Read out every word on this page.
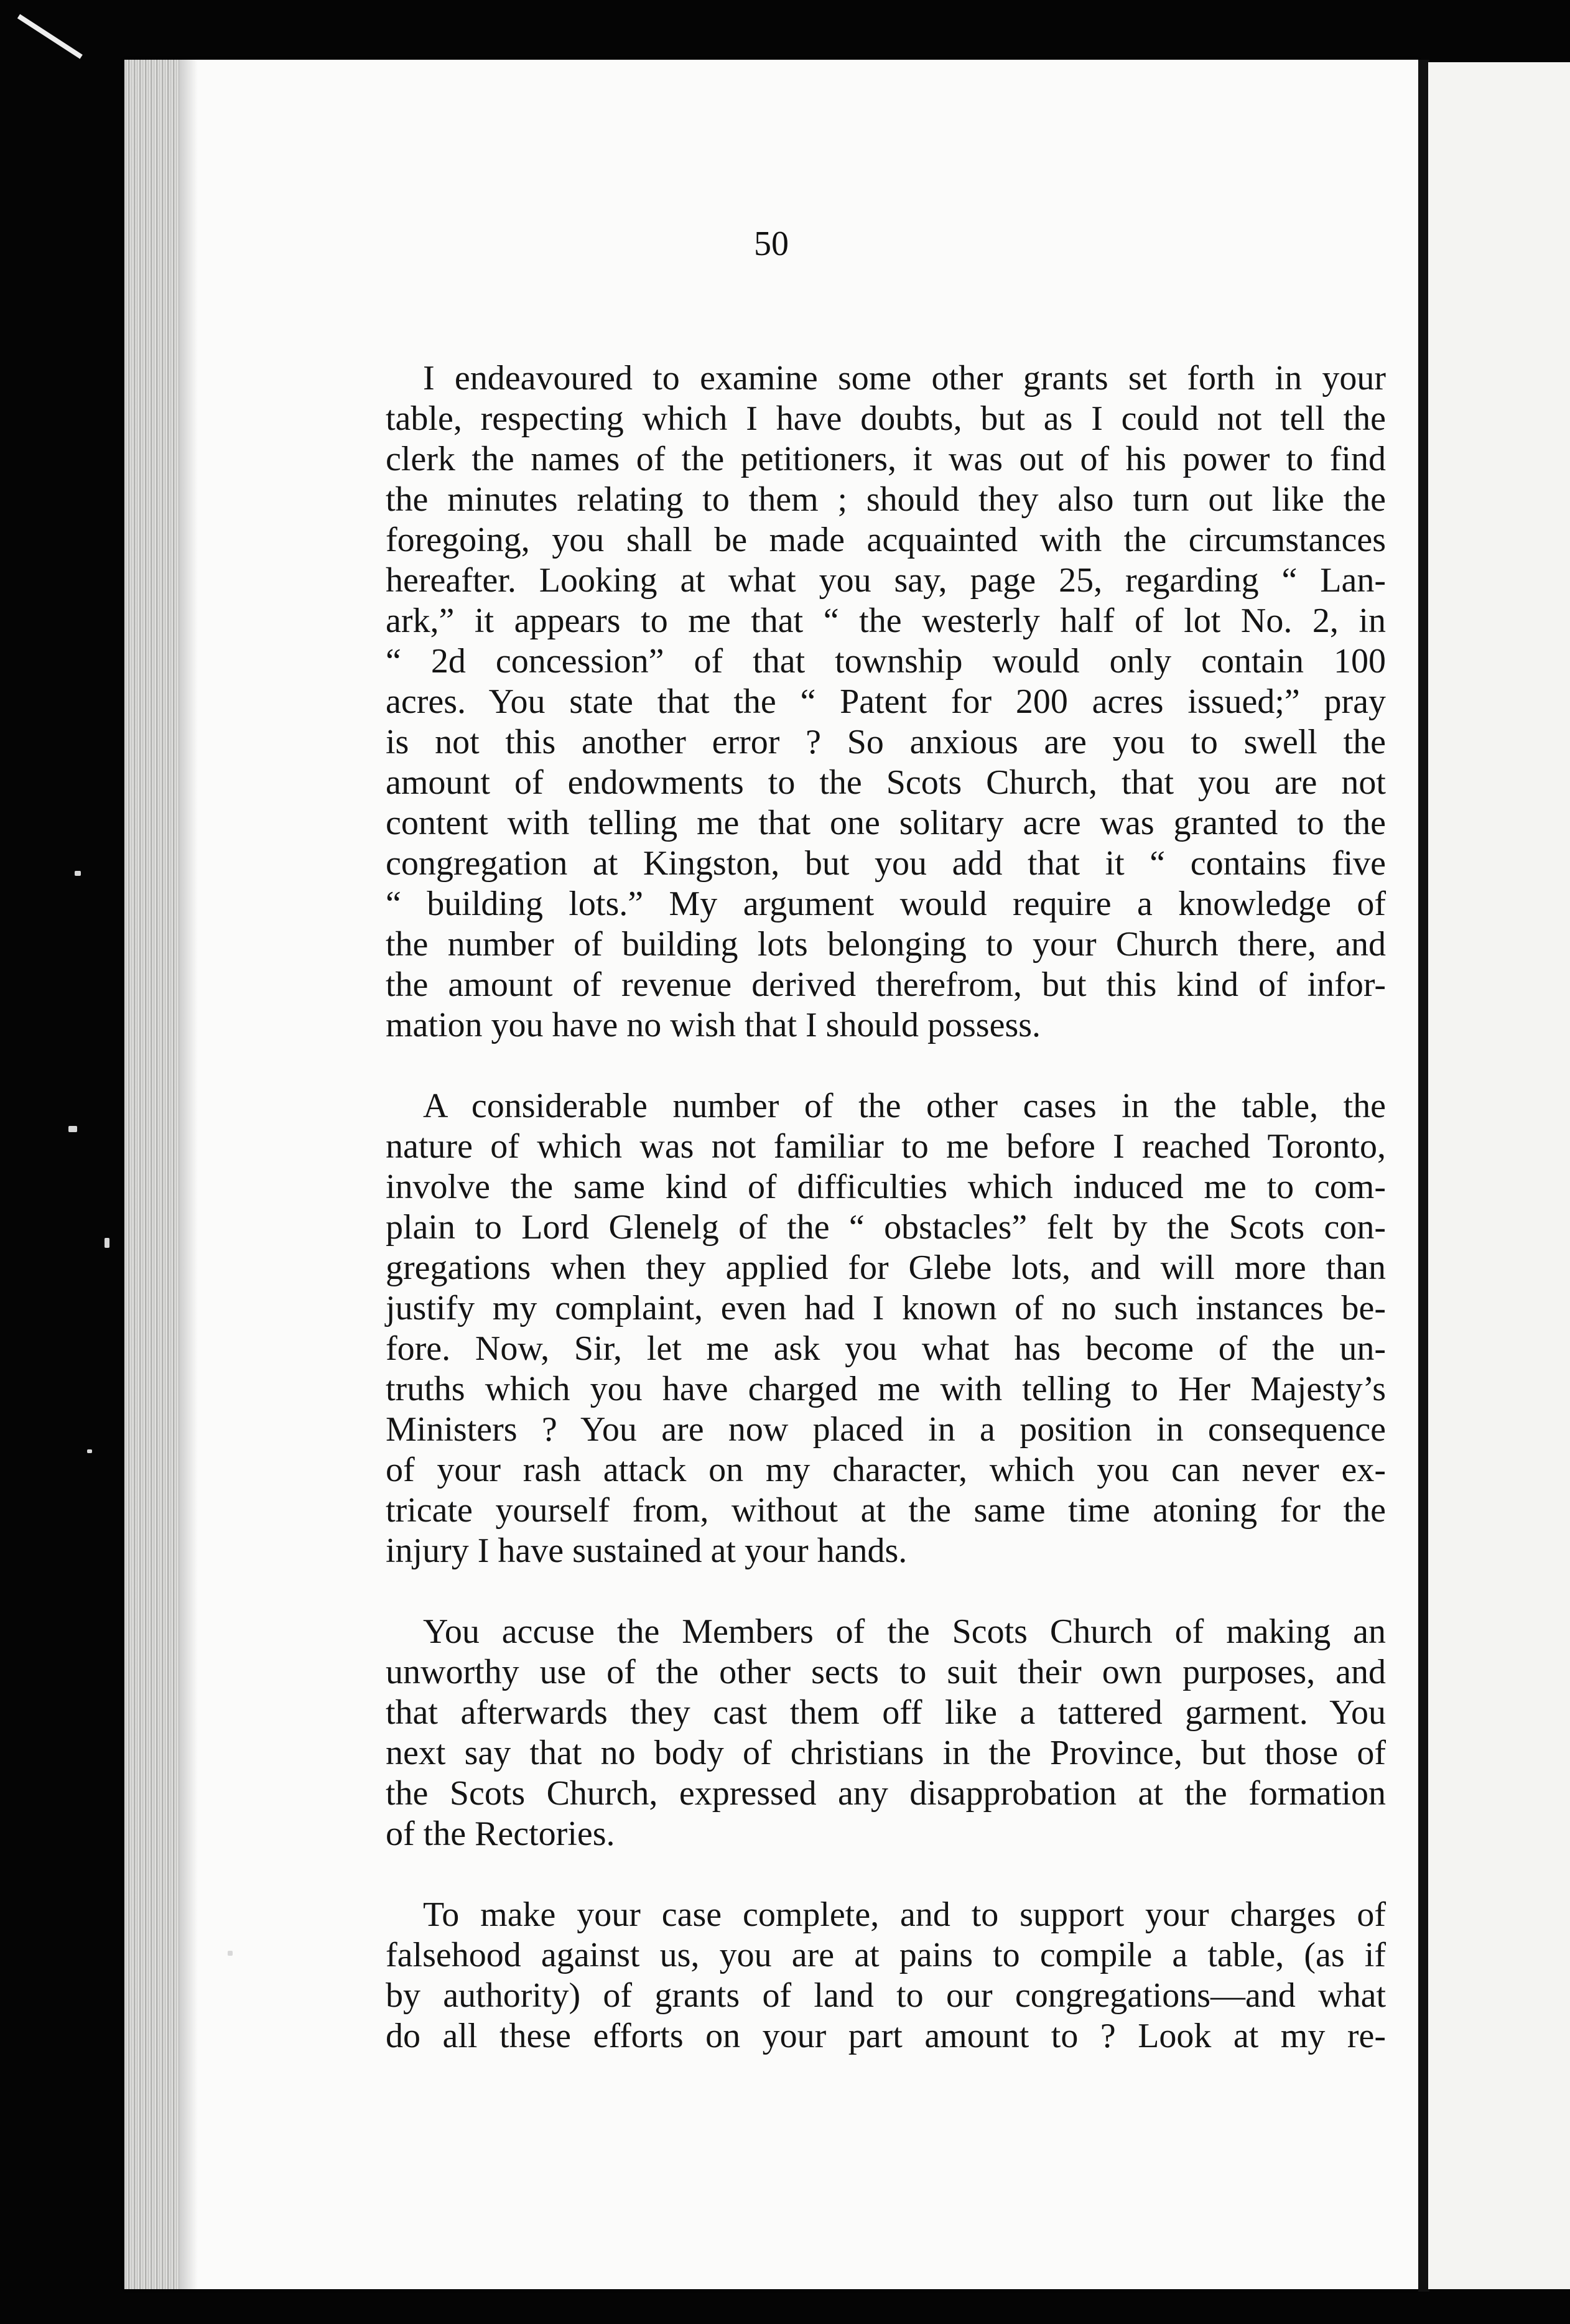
50
I endeavoured to examine some other grants set forth in your
table, respecting which I have doubts, but as I could not tell the
clerk the names of the petitioners, it was out of his power to find
the minutes relating to them ; should they also turn out like the
foregoing, you shall be made acquainted with the circumstances
hereafter. Looking at what you say, page 25, regarding “ Lan-
ark,” it appears to me that “ the westerly half of lot No. 2, in
“ 2d concession” of that township would only contain 100
acres. You state that the “ Patent for 200 acres issued;” pray
is not this another error ? So anxious are you to swell the
amount of endowments to the Scots Church, that you are not
content with telling me that one solitary acre was granted to the
congregation at Kingston, but you add that it “ contains five
“ building lots.” My argument would require a knowledge of
the number of building lots belonging to your Church there, and
the amount of revenue derived therefrom, but this kind of infor-
mation you have no wish that I should possess.
A considerable number of the other cases in the table, the
nature of which was not familiar to me before I reached Toronto,
involve the same kind of difficulties which induced me to com-
plain to Lord Glenelg of the “ obstacles” felt by the Scots con-
gregations when they applied for Glebe lots, and will more than
justify my complaint, even had I known of no such instances be-
fore. Now, Sir, let me ask you what has become of the un-
truths which you have charged me with telling to Her Majesty’s
Ministers ? You are now placed in a position in consequence
of your rash attack on my character, which you can never ex-
tricate yourself from, without at the same time atoning for the
injury I have sustained at your hands.
You accuse the Members of the Scots Church of making an
unworthy use of the other sects to suit their own purposes, and
that afterwards they cast them off like a tattered garment. You
next say that no body of christians in the Province, but those of
the Scots Church, expressed any disapprobation at the formation
of the Rectories.
To make your case complete, and to support your charges of
falsehood against us, you are at pains to compile a table, (as if
by authority) of grants of land to our congregations—and what
do all these efforts on your part amount to ? Look at my re-
